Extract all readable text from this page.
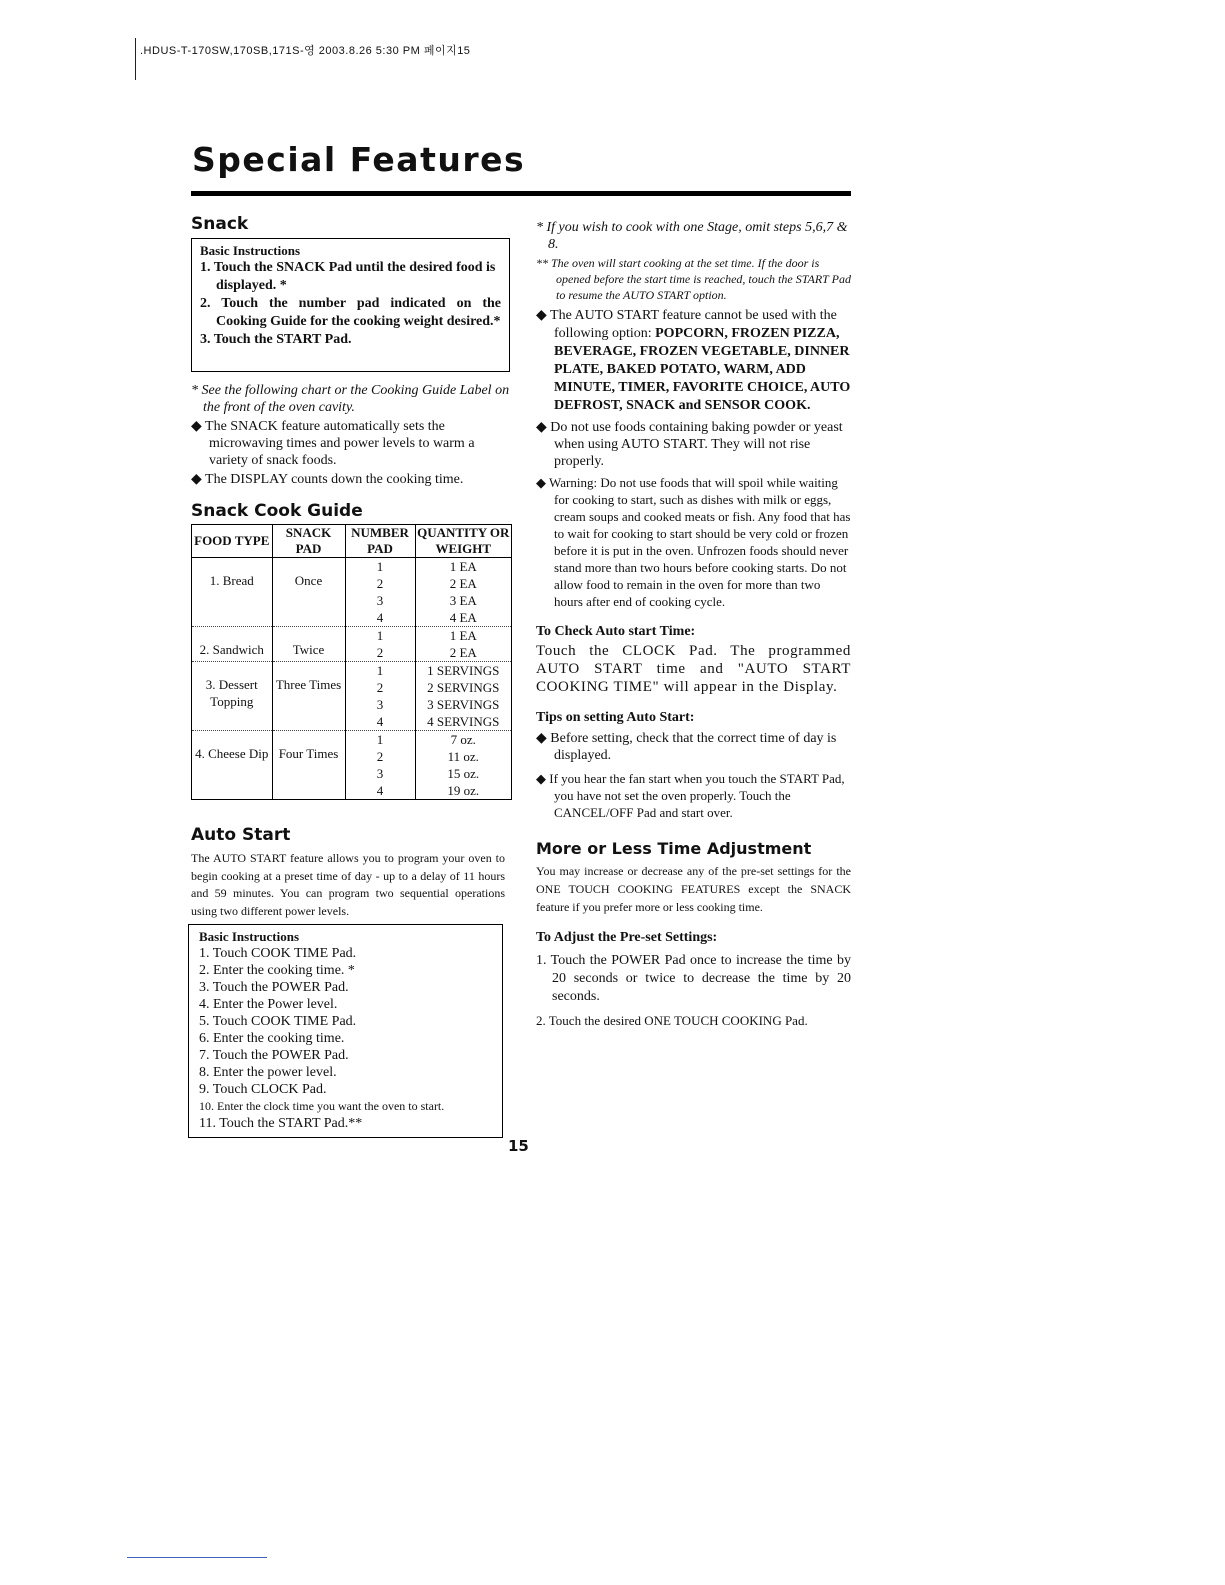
.HDUS-T-170SW,170SB,171S-영 2003.8.26 5:30 PM 페이지15
Special Features
Snack

Basic Instructions

1. Touch the SNACK Pad until the desired food is displayed. *

2. Touch the number pad indicated on the Cooking Guide for the cooking weight desired.*

3. Touch the START Pad.

* See the following chart or the Cooking Guide Label on the front of the oven cavity.

◆ The SNACK feature automatically sets the microwaving times and power levels to warm a variety of snack foods.

◆ The DISPLAY counts down the cooking time.

Snack Cook Guide
FOOD TYPE	SNACK PAD	NUMBER PAD	QUANTITY OR WEIGHT
1. Bread	Once	1	1 EA
		2	2 EA
		3	3 EA
		4	4 EA
2. Sandwich	Twice	1	1 EA
		2	2 EA
3. Dessert Topping	Three Times	1	1 SERVINGS
		2	2 SERVINGS
		3	3 SERVINGS
		4	4 SERVINGS
4. Cheese Dip	Four Times	1	7 oz.
		2	11 oz.
		3	15 oz.
		4	19 oz.
Auto Start

The AUTO START feature allows you to program your oven to begin cooking at a preset time of day - up to a delay of 11 hours and 59 minutes. You can program two sequential operations using two different power levels.

Basic Instructions

1. Touch COOK TIME Pad.

2. Enter the cooking time. *

3. Touch the POWER Pad.

4. Enter the Power level.

5. Touch COOK TIME Pad.

6. Enter the cooking time.

7. Touch the POWER Pad.

8. Enter the power level.

9. Touch CLOCK Pad.

10. Enter the clock time you want the oven to start.

11. Touch the START Pad.**

* If you wish to cook with one Stage, omit steps 5,6,7 & 8.

** The oven will start cooking at the set time. If the door is opened before the start time is reached, touch the START Pad to resume the AUTO START option.

◆ The AUTO START feature cannot be used with the following option: POPCORN, FROZEN PIZZA, BEVERAGE, FROZEN VEGETABLE, DINNER PLATE, BAKED POTATO, WARM, ADD MINUTE, TIMER, FAVORITE CHOICE, AUTO DEFROST, SNACK and SENSOR COOK.

◆ Do not use foods containing baking powder or yeast when using AUTO START. They will not rise properly.

◆ Warning: Do not use foods that will spoil while waiting for cooking to start, such as dishes with milk or eggs, cream soups and cooked meats or fish. Any food that has to wait for cooking to start should be very cold or frozen before it is put in the oven. Unfrozen foods should never stand more than two hours before cooking starts. Do not allow food to remain in the oven for more than two hours after end of cooking cycle.

To Check Auto start Time:

Touch the CLOCK Pad. The programmed AUTO START time and "AUTO START COOKING TIME" will appear in the Display.

Tips on setting Auto Start:

◆ Before setting, check that the correct time of day is displayed.

◆ If you hear the fan start when you touch the START Pad, you have not set the oven properly. Touch the CANCEL/OFF Pad and start over.

More or Less Time Adjustment

You may increase or decrease any of the pre-set settings for the ONE TOUCH COOKING FEATURES except the SNACK feature if you prefer more or less cooking time.

To Adjust the Pre-set Settings:

1. Touch the POWER Pad once to increase the time by 20 seconds or twice to decrease the time by 20 seconds.

2. Touch the desired ONE TOUCH COOKING Pad.

15
